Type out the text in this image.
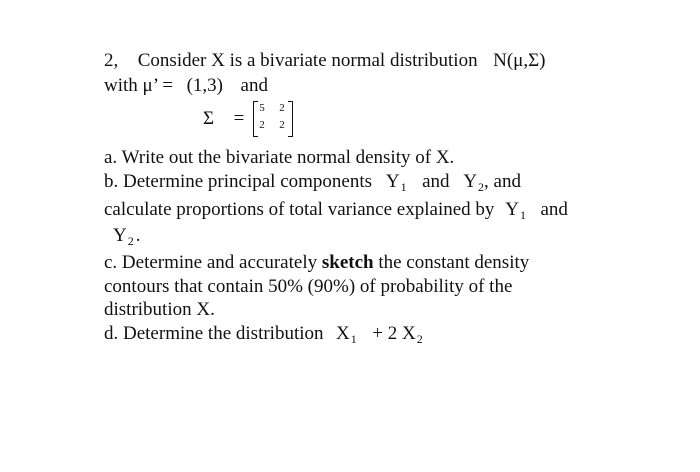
2, Consider X is a bivariate normal distribution N(μ,Σ)
with μ’ = (1,3) and
Σ = 5 2
2 2
a. Write out the bivariate normal density of X.
b. Determine principal components $Y_1$ and $Y_2$, and
calculate proportions of total variance explained by $Y_1$ and
$Y_2$ .
c. Determine and accurately sketch the constant density
contours that contain 50% (90%) of probability of the
distribution X.
d. Determine the distribution $X_1 + 2$ $X_2$
